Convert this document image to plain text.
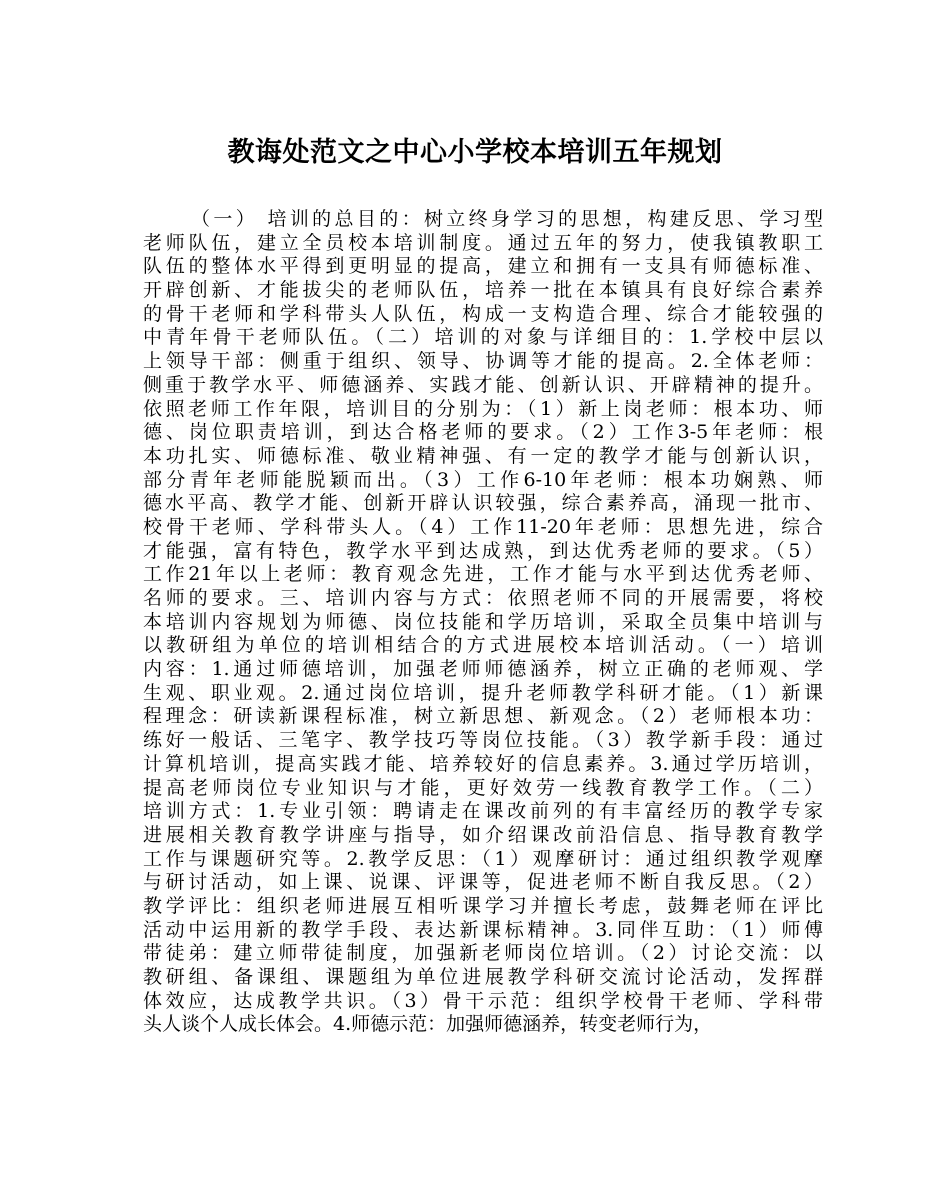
教诲处范文之中心小学校本培训五年规划
（一） 培训的总目的：树立终身学习的思想，构建反思、学习型
老师队伍，建立全员校本培训制度。通过五年的努力，使我镇教职工
队伍的整体水平得到更明显的提高，建立和拥有一支具有师德标准、
开辟创新、才能拔尖的老师队伍，培养一批在本镇具有良好综合素养
的骨干老师和学科带头人队伍，构成一支构造合理、综合才能较强的
中青年骨干老师队伍。（二）培训的对象与详细目的：1.学校中层以
上领导干部：侧重于组织、领导、协调等才能的提高。2.全体老师：
侧重于教学水平、师德涵养、实践才能、创新认识、开辟精神的提升。
依照老师工作年限，培训目的分别为：（1）新上岗老师：根本功、师
德、岗位职责培训，到达合格老师的要求。（2）工作3-5年老师：根
本功扎实、师德标准、敬业精神强、有一定的教学才能与创新认识，
部分青年老师能脱颖而出。（3）工作6-10年老师：根本功娴熟、师
德水平高、教学才能、创新开辟认识较强，综合素养高，涌现一批市、
校骨干老师、学科带头人。（4）工作11-20年老师：思想先进，综合
才能强，富有特色，教学水平到达成熟，到达优秀老师的要求。（5）
工作21年以上老师：教育观念先进，工作才能与水平到达优秀老师、
名师的要求。三、培训内容与方式：依照老师不同的开展需要，将校
本培训内容规划为师德、岗位技能和学历培训，采取全员集中培训与
以教研组为单位的培训相结合的方式进展校本培训活动。（一）培训
内容：1.通过师德培训，加强老师师德涵养，树立正确的老师观、学
生观、职业观。2.通过岗位培训，提升老师教学科研才能。（1）新课
程理念：研读新课程标准，树立新思想、新观念。（2）老师根本功：
练好一般话、三笔字、教学技巧等岗位技能。（3）教学新手段：通过
计算机培训，提高实践才能、培养较好的信息素养。3.通过学历培训，
提高老师岗位专业知识与才能，更好效劳一线教育教学工作。（二）
培训方式：1.专业引领：聘请走在课改前列的有丰富经历的教学专家
进展相关教育教学讲座与指导，如介绍课改前沿信息、指导教育教学
工作与课题研究等。2.教学反思：（1）观摩研讨：通过组织教学观摩
与研讨活动，如上课、说课、评课等，促进老师不断自我反思。（2）
教学评比：组织老师进展互相听课学习并擅长考虑，鼓舞老师在评比
活动中运用新的教学手段、表达新课标精神。3.同伴互助：（1）师傅
带徒弟：建立师带徒制度，加强新老师岗位培训。（2）讨论交流：以
教研组、备课组、课题组为单位进展教学科研交流讨论活动，发挥群
体效应，达成教学共识。（3）骨干示范：组织学校骨干老师、学科带
头人谈个人成长体会。4.师德示范：加强师德涵养，转变老师行为，
